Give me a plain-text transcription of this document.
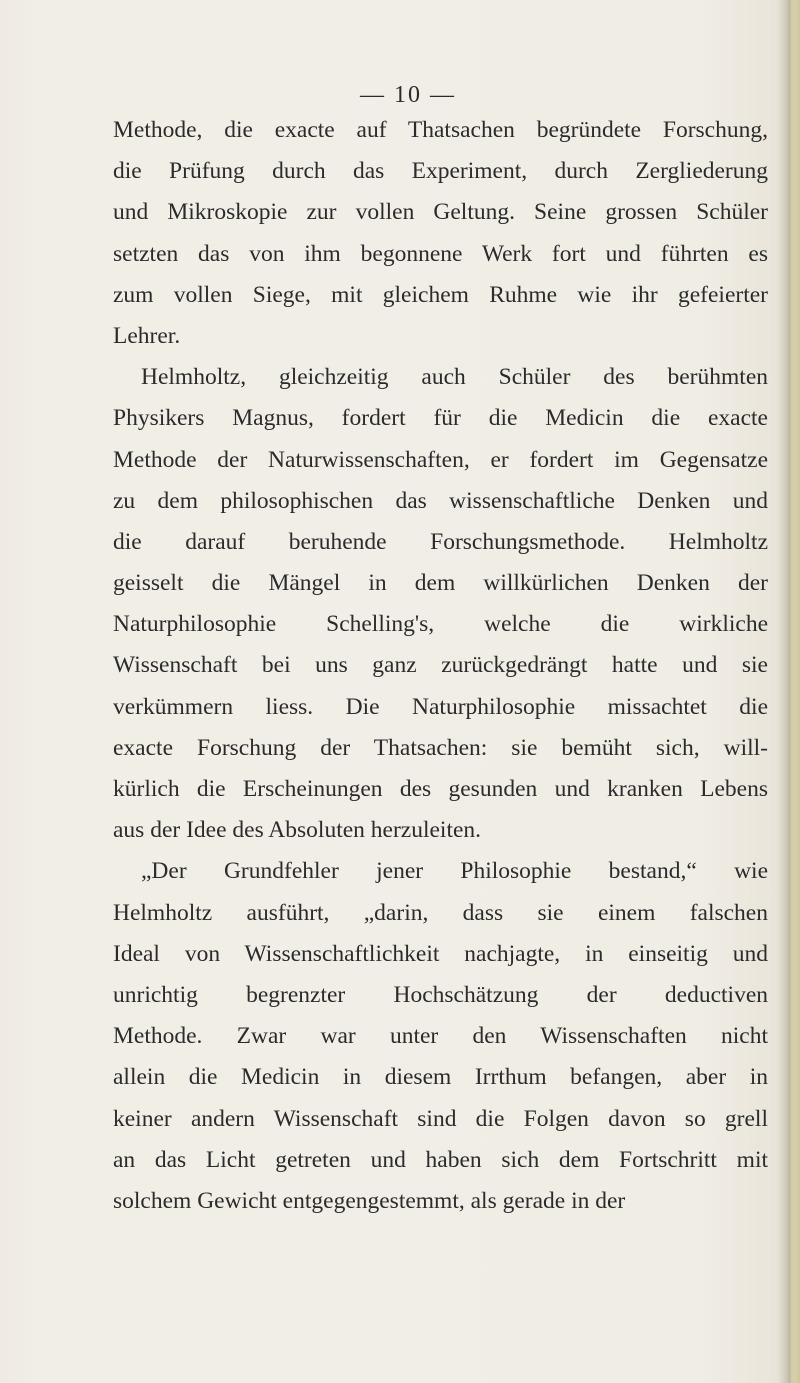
— 10 —
Methode, die exacte auf Thatsachen begründete Forschung,
die Prüfung durch das Experiment, durch Zergliederung
und Mikroskopie zur vollen Geltung. Seine grossen Schüler
setzten das von ihm begonnene Werk fort und führten es
zum vollen Siege, mit gleichem Ruhme wie ihr gefeierter
Lehrer.
Helmholtz, gleichzeitig auch Schüler des berühmten
Physikers Magnus, fordert für die Medicin die exacte
Methode der Naturwissenschaften, er fordert im Gegensatze
zu dem philosophischen das wissenschaftliche Denken und
die darauf beruhende Forschungsmethode. Helmholtz
geisselt die Mängel in dem willkürlichen Denken der
Naturphilosophie Schelling's, welche die wirkliche
Wissenschaft bei uns ganz zurückgedrängt hatte und sie
verkümmern liess. Die Naturphilosophie missachtet die
exacte Forschung der Thatsachen: sie bemüht sich, will-
kürlich die Erscheinungen des gesunden und kranken Lebens
aus der Idee des Absoluten herzuleiten.
„Der Grundfehler jener Philosophie bestand,“ wie
Helmholtz ausführt, „darin, dass sie einem falschen
Ideal von Wissenschaftlichkeit nachjagte, in einseitig und
unrichtig begrenzter Hochschätzung der deductiven
Methode. Zwar war unter den Wissenschaften nicht
allein die Medicin in diesem Irrthum befangen, aber in
keiner andern Wissenschaft sind die Folgen davon so grell
an das Licht getreten und haben sich dem Fortschritt mit
solchem Gewicht entgegengestemmt, als gerade in der
